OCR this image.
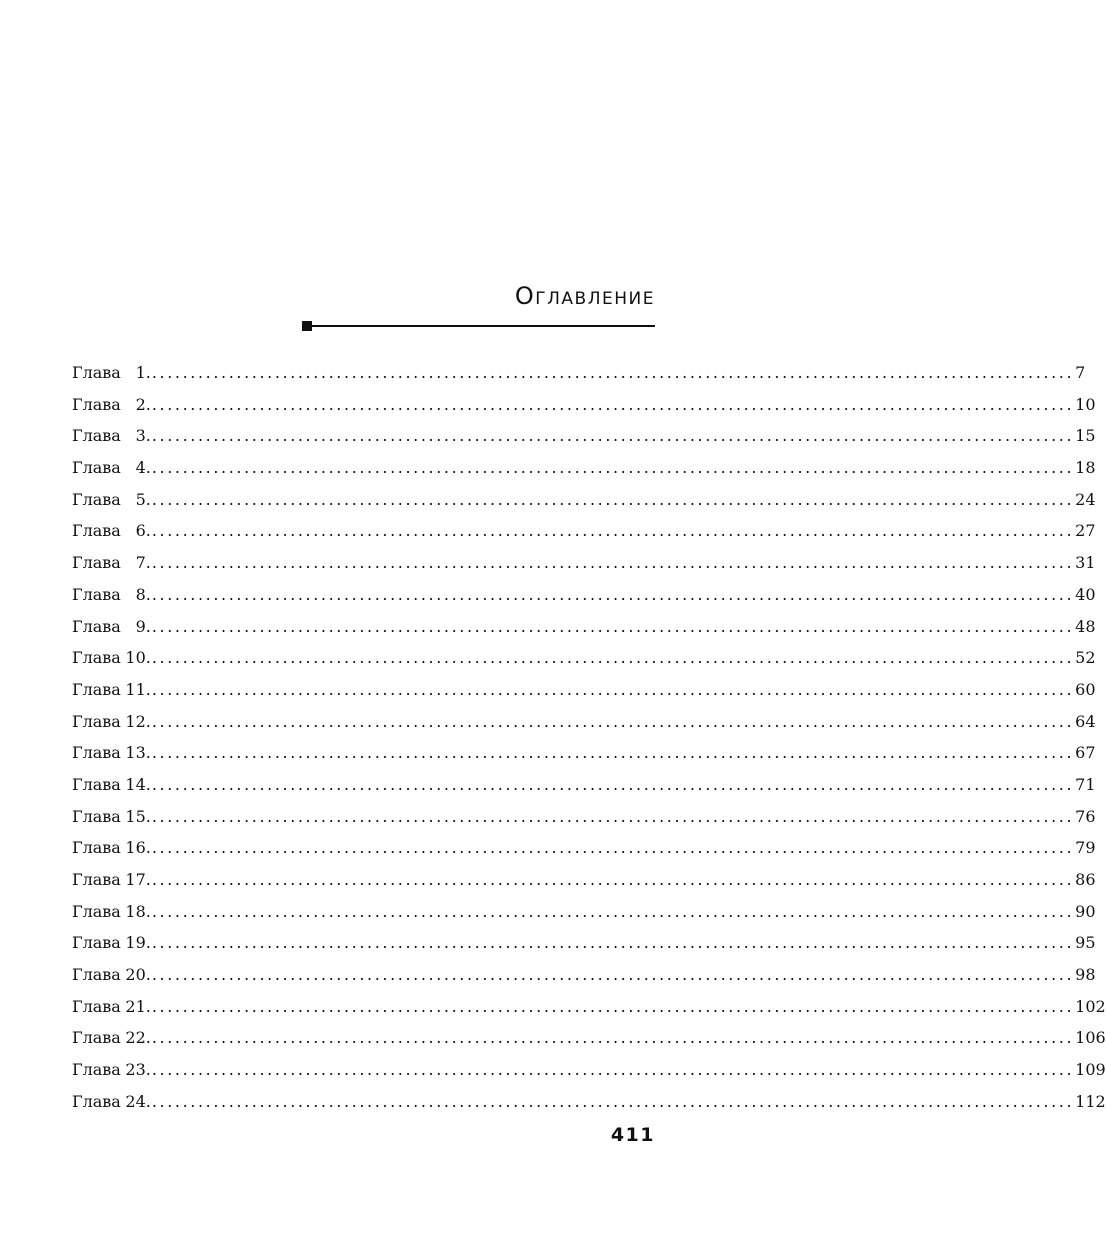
Оглавление
Глава 1. ........................................................................................................................ 7
Глава 2. ........................................................................................................................ 10
Глава 3. ........................................................................................................................ 15
Глава 4. ........................................................................................................................ 18
Глава 5. ........................................................................................................................ 24
Глава 6. ........................................................................................................................ 27
Глава 7. ........................................................................................................................ 31
Глава 8. ........................................................................................................................ 40
Глава 9. ........................................................................................................................ 48
Глава 10. ........................................................................................................................ 52
Глава 11. ........................................................................................................................ 60
Глава 12. ........................................................................................................................ 64
Глава 13. ........................................................................................................................ 67
Глава 14. ........................................................................................................................ 71
Глава 15. ........................................................................................................................ 76
Глава 16. ........................................................................................................................ 79
Глава 17. ........................................................................................................................ 86
Глава 18. ........................................................................................................................ 90
Глава 19. ........................................................................................................................ 95
Глава 20. ........................................................................................................................ 98
Глава 21. ........................................................................................................................ 102
Глава 22. ........................................................................................................................ 106
Глава 23. ........................................................................................................................ 109
Глава 24. ........................................................................................................................ 112
411
